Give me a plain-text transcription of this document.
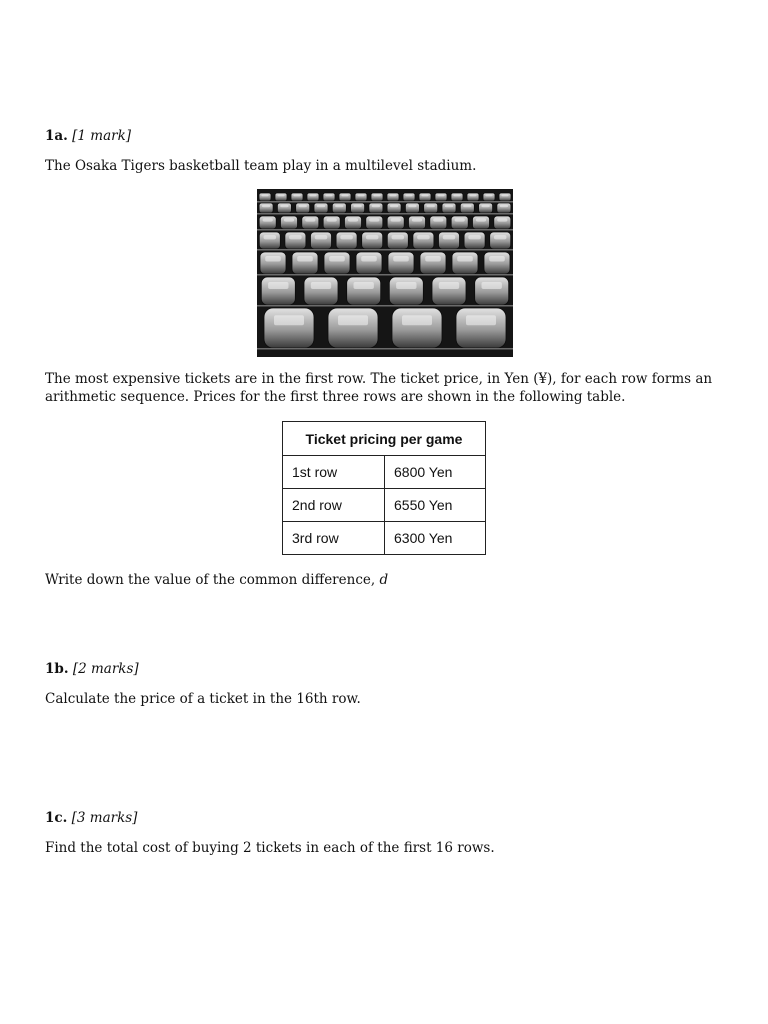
1a. [1 mark]
The Osaka Tigers basketball team play in a multilevel stadium.
The most expensive tickets are in the first row. The ticket price, in Yen (¥), for each row forms an
arithmetic sequence. Prices for the first three rows are shown in the following table.
Ticket pricing per game	
1st row	6800 Yen
2nd row	6550 Yen
3rd row	6300 Yen
Write down the value of the common difference, d
1b. [2 marks]
Calculate the price of a ticket in the 16th row.
1c. [3 marks]
Find the total cost of buying 2 tickets in each of the first 16 rows.
